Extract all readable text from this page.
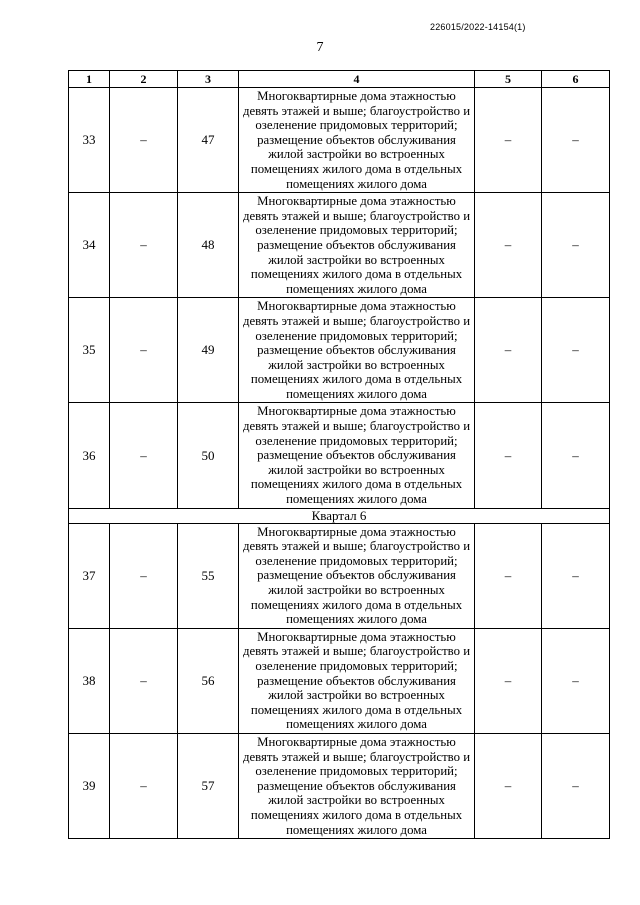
226015/2022-14154(1)
7
1	2	3	4	5	6
33	–	47	Многоквартирные дома этажностью девять этажей и выше; благоустройство и озеленение придомовых территорий; размещение объектов обслуживания жилой застройки во встроенных помещениях жилого дома в отдельных помещениях жилого дома	–	–
34	–	48	Многоквартирные дома этажностью девять этажей и выше; благоустройство и озеленение придомовых территорий; размещение объектов обслуживания жилой застройки во встроенных помещениях жилого дома в отдельных помещениях жилого дома	–	–
35	–	49	Многоквартирные дома этажностью девять этажей и выше; благоустройство и озеленение придомовых территорий; размещение объектов обслуживания жилой застройки во встроенных помещениях жилого дома в отдельных помещениях жилого дома	–	–
36	–	50	Многоквартирные дома этажностью девять этажей и выше; благоустройство и озеленение придомовых территорий; размещение объектов обслуживания жилой застройки во встроенных помещениях жилого дома в отдельных помещениях жилого дома	–	–
Квартал 6					
37	–	55	Многоквартирные дома этажностью девять этажей и выше; благоустройство и озеленение придомовых территорий; размещение объектов обслуживания жилой застройки во встроенных помещениях жилого дома в отдельных помещениях жилого дома	–	–
38	–	56	Многоквартирные дома этажностью девять этажей и выше; благоустройство и озеленение придомовых территорий; размещение объектов обслуживания жилой застройки во встроенных помещениях жилого дома в отдельных помещениях жилого дома	–	–
39	–	57	Многоквартирные дома этажностью девять этажей и выше; благоустройство и озеленение придомовых территорий; размещение объектов обслуживания жилой застройки во встроенных помещениях жилого дома в отдельных помещениях жилого дома	–	–
